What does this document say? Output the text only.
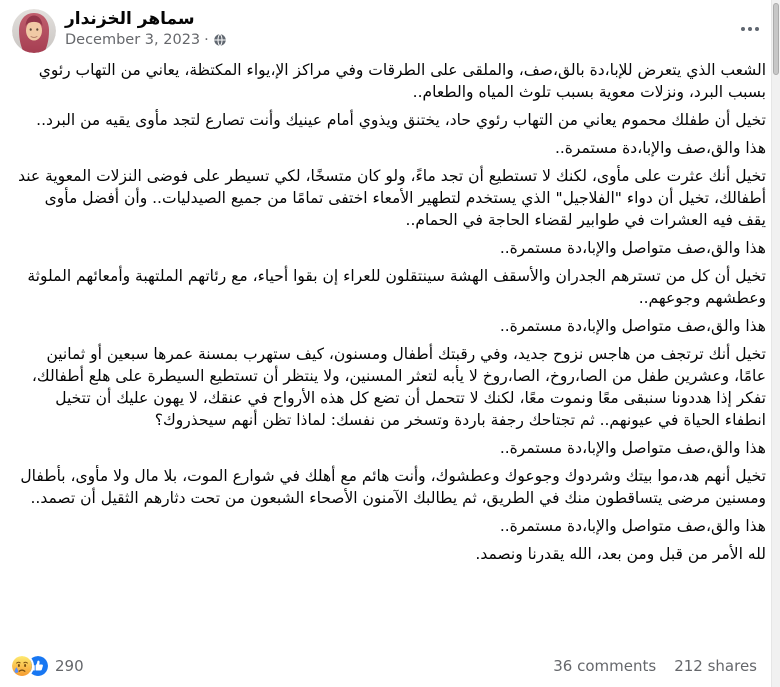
سماهر الخزندار
December 3, 2023 ·

الشعب الذي يتعرض للإبا،دة بالق،صف، والملقى على الطرقات وفي مراكز الإ،يواء المكتظة، يعاني من التهاب رئوي بسبب البرد، ونزلات معوية بسبب تلوث المياه والطعام..

تخيل أن طفلك محموم يعاني من التهاب رئوي حاد، يختنق ويذوي أمام عينيك وأنت تصارع لتجد مأوى يقيه من البرد..

هذا والق،صف والإبا،دة مستمرة..

تخيل أنك عثرت على مأوى، لكنك لا تستطيع أن تجد ماءً، ولو كان متسخًا، لكي تسيطر على فوضى النزلات المعوية عند أطفالك، تخيل أن دواء "الفلاجيل" الذي يستخدم لتطهير الأمعاء اختفى تمامًا من جميع الصيدليات.. وأن أفضل مأوى يقف فيه العشرات في طوابير لقضاء الحاجة في الحمام..

هذا والق،صف متواصل والإبا،دة مستمرة..

تخيل أن كل من تسترهم الجدران والأسقف الهشة سينتقلون للعراء إن بقوا أحياء، مع رئاتهم الملتهبة وأمعائهم الملوثة وعطشهم وجوعهم..

هذا والق،صف متواصل والإبا،دة مستمرة..

تخيل أنك ترتجف من هاجس نزوح جديد، وفي رقبتك أطفال ومسنون، كيف ستهرب بمسنة عمرها سبعين أو ثمانين عامًا، وعشرين طفل من الصا،روخ، الصا،روخ لا يأبه لتعثر المسنين، ولا ينتظر أن تستطيع السيطرة على هلع أطفالك، تفكر إذا هددونا سنبقى معًا ونموت معًا، لكنك لا تتحمل أن تضع كل هذه الأرواح في عنقك، لا يهون عليك أن تتخيل انطفاء الحياة في عيونهم.. ثم تجتاحك رجفة باردة وتسخر من نفسك: لماذا تظن أنهم سيحذروك؟

هذا والق،صف متواصل والإبا،دة مستمرة..

تخيل أنهم هد،موا بيتك وشردوك وجوعوك وعطشوك، وأنت هائم مع أهلك في شوارع الموت، بلا مال ولا مأوى، بأطفال ومسنين مرضى يتساقطون منك في الطريق، ثم يطالبك الآمنون الأصحاء الشبعون من تحت دثارهم الثقيل أن تصمد..

هذا والق،صف متواصل والإبا،دة مستمرة..

لله الأمر من قبل ومن بعد، الله يقدرنا ونصمد.

290	36 comments 212 shares
